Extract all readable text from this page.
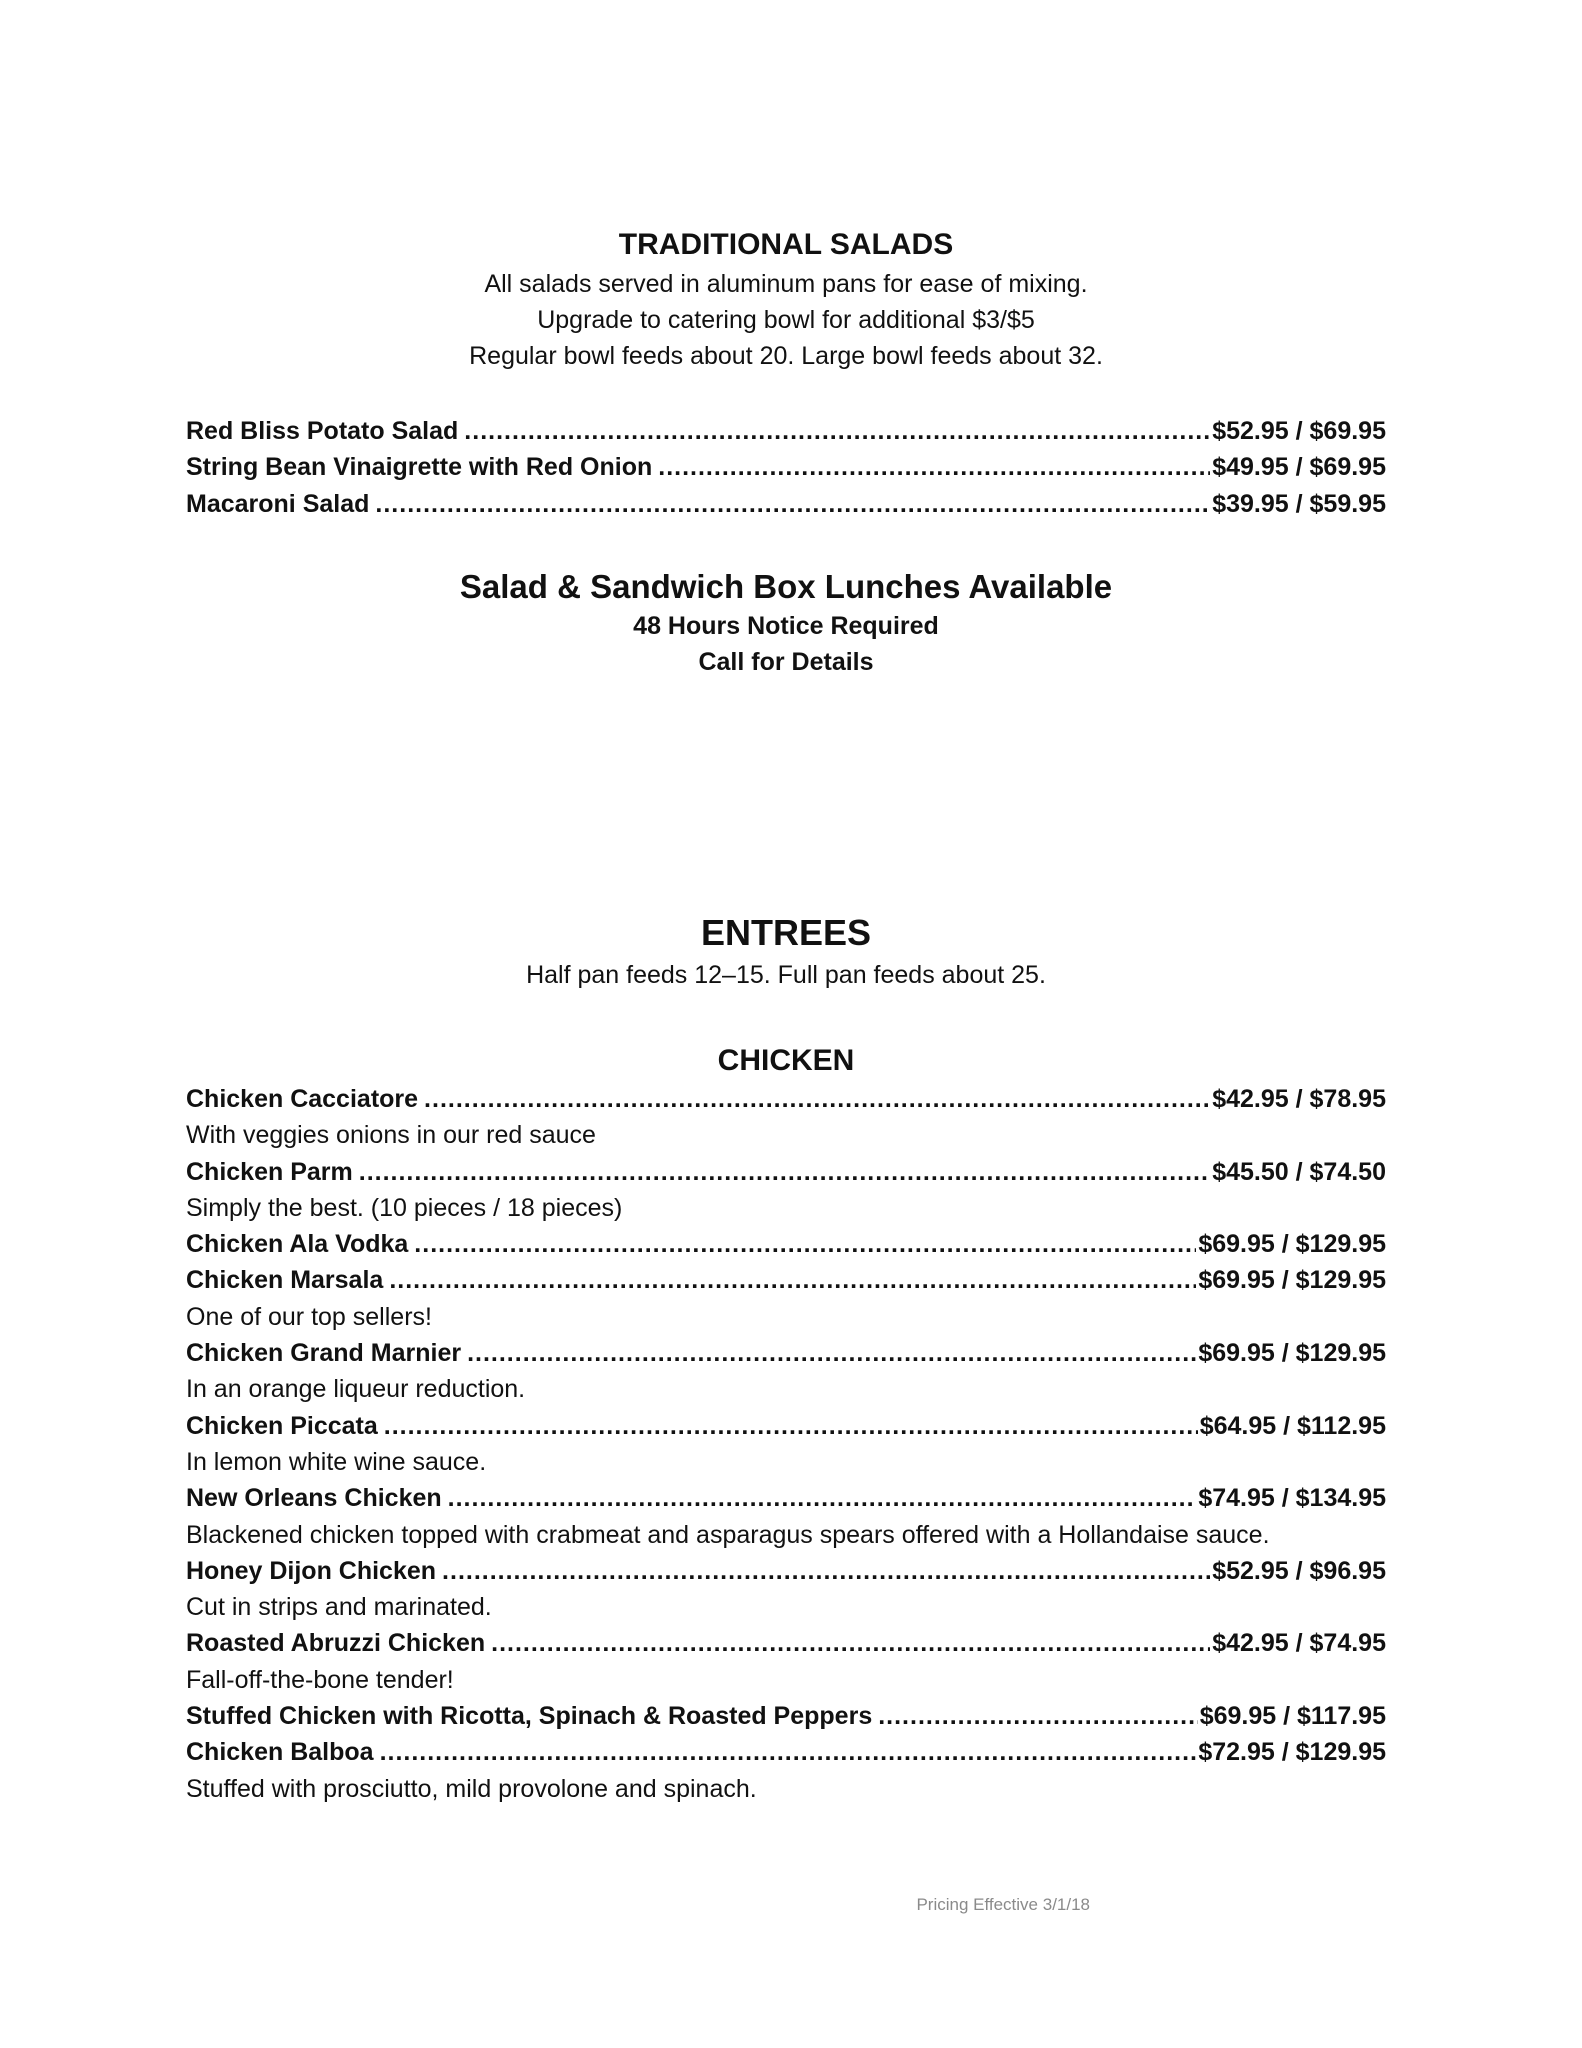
TRADITIONAL SALADS
All salads served in aluminum pans for ease of mixing.
Upgrade to catering bowl for additional $3/$5
Regular bowl feeds about 20. Large bowl feeds about 32.
Red Bliss Potato Salad .....	$52.95 / $69.95
String Bean Vinaigrette with Red Onion .....	$49.95 / $69.95
Macaroni Salad .....	$39.95 / $59.95
Salad & Sandwich Box Lunches Available
48 Hours Notice Required
Call for Details
ENTREES
Half pan feeds 12–15. Full pan feeds about 25.
CHICKEN
Chicken Cacciatore .....	$42.95 / $78.95
With veggies onions in our red sauce
Chicken Parm .....	$45.50 / $74.50
Simply the best. (10 pieces / 18 pieces)
Chicken Ala Vodka .....	$69.95 / $129.95
Chicken Marsala .....	$69.95 / $129.95
One of our top sellers!
Chicken Grand Marnier .....	$69.95 / $129.95
In an orange liqueur reduction.
Chicken Piccata .....	$64.95 / $112.95
In lemon white wine sauce.
New Orleans Chicken .....	$74.95 / $134.95
Blackened chicken topped with crabmeat and asparagus spears offered with a Hollandaise sauce.
Honey Dijon Chicken .....	$52.95 / $96.95
Cut in strips and marinated.
Roasted Abruzzi Chicken .....	$42.95 / $74.95
Fall-off-the-bone tender!
Stuffed Chicken with Ricotta, Spinach & Roasted Peppers .....	$69.95 / $117.95
Chicken Balboa .....	$72.95 / $129.95
Stuffed with prosciutto, mild provolone and spinach.
Pricing Effective 3/1/18
